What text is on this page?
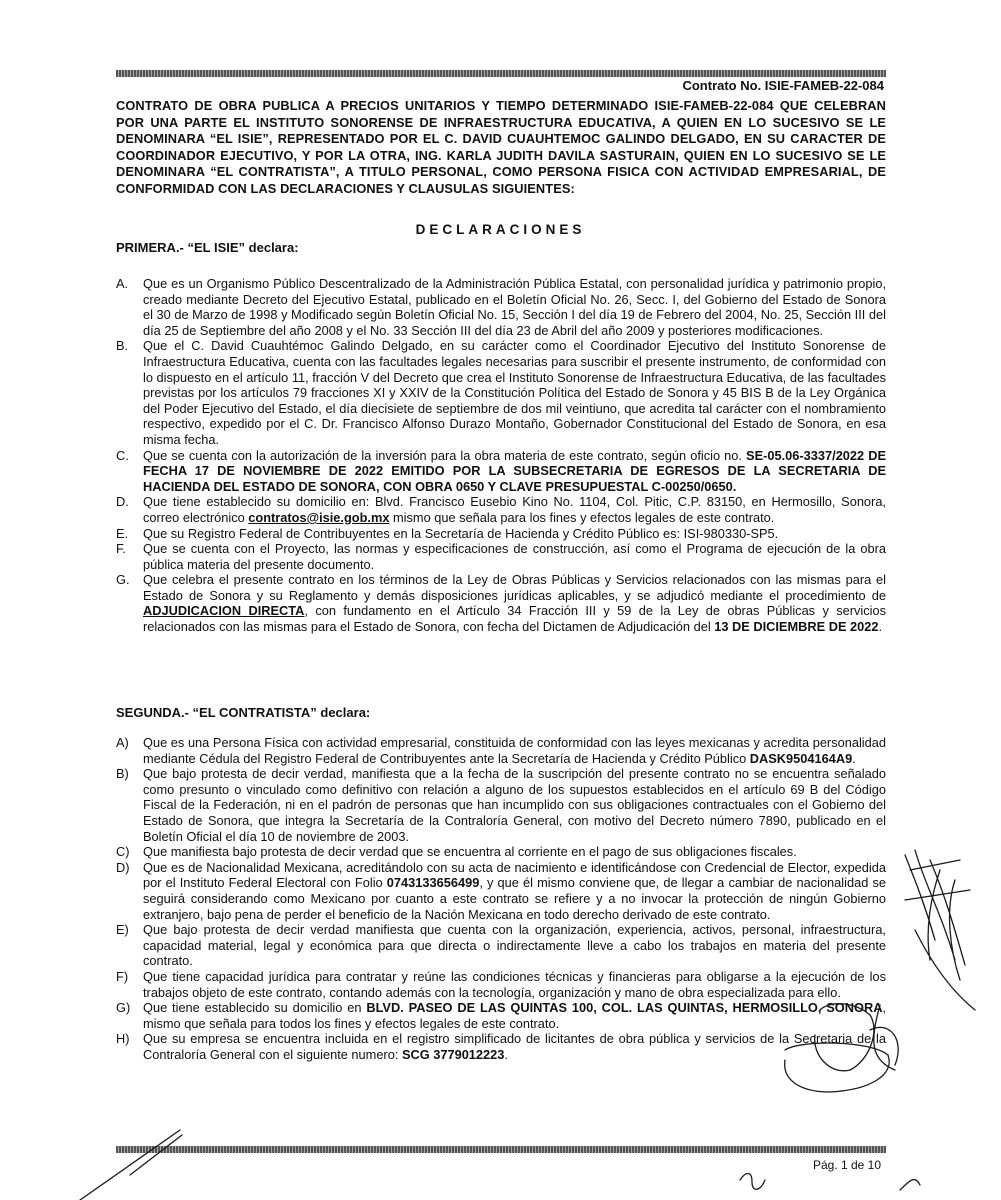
Contrato No. ISIE-FAMEB-22-084
CONTRATO DE OBRA PUBLICA A PRECIOS UNITARIOS Y TIEMPO DETERMINADO ISIE-FAMEB-22-084 QUE CELEBRAN POR UNA PARTE EL INSTITUTO SONORENSE DE INFRAESTRUCTURA EDUCATIVA, A QUIEN EN LO SUCESIVO SE LE DENOMINARA “EL ISIE”, REPRESENTADO POR EL C. DAVID CUAUHTEMOC GALINDO DELGADO, EN SU CARACTER DE COORDINADOR EJECUTIVO, Y POR LA OTRA, ING. KARLA JUDITH DAVILA SASTURAIN, QUIEN EN LO SUCESIVO SE LE DENOMINARA “EL CONTRATISTA”, A TITULO PERSONAL, COMO PERSONA FISICA CON ACTIVIDAD EMPRESARIAL, DE CONFORMIDAD CON LAS DECLARACIONES Y CLAUSULAS SIGUIENTES:
DECLARACIONES
PRIMERA.- “EL ISIE” declara:
A. Que es un Organismo Público Descentralizado de la Administración Pública Estatal, con personalidad jurídica y patrimonio propio, creado mediante Decreto del Ejecutivo Estatal, publicado en el Boletín Oficial No. 26, Secc. I, del Gobierno del Estado de Sonora el 30 de Marzo de 1998 y Modificado según Boletín Oficial No. 15, Sección I del día 19 de Febrero del 2004, No. 25, Sección III del día 25 de Septiembre del año 2008 y el No. 33 Sección III del día 23 de Abril del año 2009 y posteriores modificaciones.
B. Que el C. David Cuauhtémoc Galindo Delgado, en su carácter como el Coordinador Ejecutivo del Instituto Sonorense de Infraestructura Educativa, cuenta con las facultades legales necesarias para suscribir el presente instrumento, de conformidad con lo dispuesto en el artículo 11, fracción V del Decreto que crea el Instituto Sonorense de Infraestructura Educativa, de las facultades previstas por los artículos 79 fracciones XI y XXIV de la Constitución Política del Estado de Sonora y 45 BIS B de la Ley Orgánica del Poder Ejecutivo del Estado, el día diecisiete de septiembre de dos mil veintiuno, que acredita tal carácter con el nombramiento respectivo, expedido por el C. Dr. Francisco Alfonso Durazo Montaño, Gobernador Constitucional del Estado de Sonora, en esa misma fecha.
C. Que se cuenta con la autorización de la inversión para la obra materia de este contrato, según oficio no. SE-05.06-3337/2022 DE FECHA 17 DE NOVIEMBRE DE 2022 EMITIDO POR LA SUBSECRETARIA DE EGRESOS DE LA SECRETARIA DE HACIENDA DEL ESTADO DE SONORA, CON OBRA 0650 Y CLAVE PRESUPUESTAL C-00250/0650.
D. Que tiene establecido su domicilio en: Blvd. Francisco Eusebio Kino No. 1104, Col. Pitic, C.P. 83150, en Hermosillo, Sonora, correo electrónico contratos@isie.gob.mx mismo que señala para los fines y efectos legales de este contrato.
E. Que su Registro Federal de Contribuyentes en la Secretaría de Hacienda y Crédito Público es: ISI-980330-SP5.
F. Que se cuenta con el Proyecto, las normas y especificaciones de construcción, así como el Programa de ejecución de la obra pública materia del presente documento.
G. Que celebra el presente contrato en los términos de la Ley de Obras Públicas y Servicios relacionados con las mismas para el Estado de Sonora y su Reglamento y demás disposiciones jurídicas aplicables, y se adjudicó mediante el procedimiento de ADJUDICACION DIRECTA, con fundamento en el Artículo 34 Fracción III y 59 de la Ley de obras Públicas y servicios relacionados con las mismas para el Estado de Sonora, con fecha del Dictamen de Adjudicación del 13 DE DICIEMBRE DE 2022.
SEGUNDA.- “EL CONTRATISTA” declara:
A) Que es una Persona Física con actividad empresarial, constituida de conformidad con las leyes mexicanas y acredita personalidad mediante Cédula del Registro Federal de Contribuyentes ante la Secretaría de Hacienda y Crédito Público DASK9504164A9.
B) Que bajo protesta de decir verdad, manifiesta que a la fecha de la suscripción del presente contrato no se encuentra señalado como presunto o vinculado como definitivo con relación a alguno de los supuestos establecidos en el artículo 69 B del Código Fiscal de la Federación, ni en el padrón de personas que han incumplido con sus obligaciones contractuales con el Gobierno del Estado de Sonora, que integra la Secretaría de la Contraloría General, con motivo del Decreto número 7890, publicado en el Boletín Oficial el día 10 de noviembre de 2003.
C) Que manifiesta bajo protesta de decir verdad que se encuentra al corriente en el pago de sus obligaciones fiscales.
D) Que es de Nacionalidad Mexicana, acreditándolo con su acta de nacimiento e identificándose con Credencial de Elector, expedida por el Instituto Federal Electoral con Folio 0743133656499, y que él mismo conviene que, de llegar a cambiar de nacionalidad se seguirá considerando como Mexicano por cuanto a este contrato se refiere y a no invocar la protección de ningún Gobierno extranjero, bajo pena de perder el beneficio de la Nación Mexicana en todo derecho derivado de este contrato.
E) Que bajo protesta de decir verdad manifiesta que cuenta con la organización, experiencia, activos, personal, infraestructura, capacidad material, legal y económica para que directa o indirectamente lleve a cabo los trabajos en materia del presente contrato.
F) Que tiene capacidad jurídica para contratar y reúne las condiciones técnicas y financieras para obligarse a la ejecución de los trabajos objeto de este contrato, contando además con la tecnología, organización y mano de obra especializada para ello.
G) Que tiene establecido su domicilio en BLVD. PASEO DE LAS QUINTAS 100, COL. LAS QUINTAS, HERMOSILLO, SONORA, mismo que señala para todos los fines y efectos legales de este contrato.
H) Que su empresa se encuentra incluida en el registro simplificado de licitantes de obra pública y servicios de la Secretaria de la Contraloría General con el siguiente numero: SCG 3779012223.
Pág. 1 de 10
